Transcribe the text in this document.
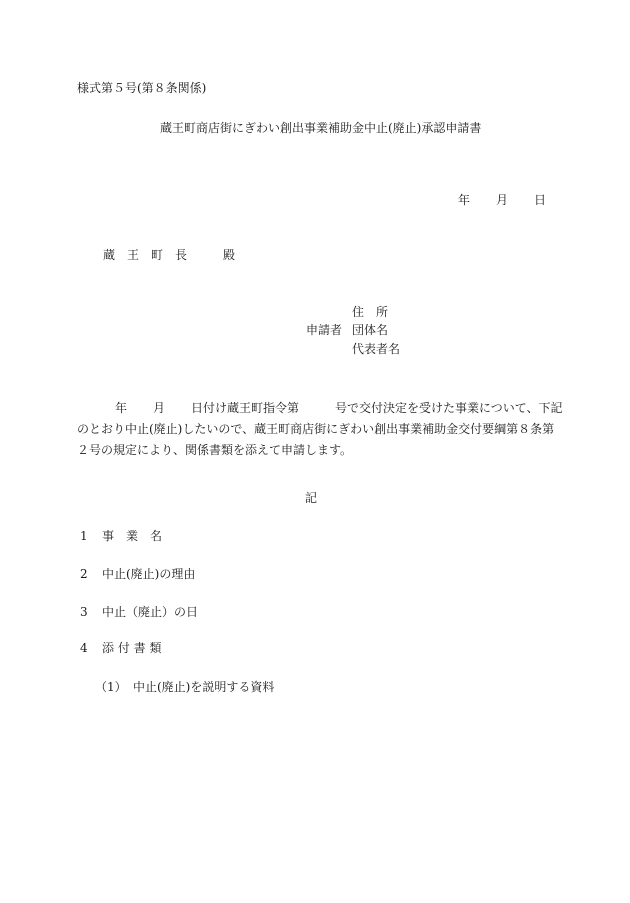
様式第５号(第８条関係)
蔵王町商店街にぎわい創出事業補助金中止(廃止)承認申請書
年 月 日
蔵　王　町　長　　　殿
住　所
申請者 団体名
代表者名
年 月 日付け蔵王町指令第　　　号で交付決定を受けた事業について、下記
のとおり中止(廃止)したいので、蔵王町商店街にぎわい創出事業補助金交付要綱第８条第
２号の規定により、関係書類を添えて申請します。
記
1 事　業　名
2 中止(廃止)の理由
3 中止（廃止）の日
4 添 付 書 類
（1） 中止(廃止)を説明する資料
